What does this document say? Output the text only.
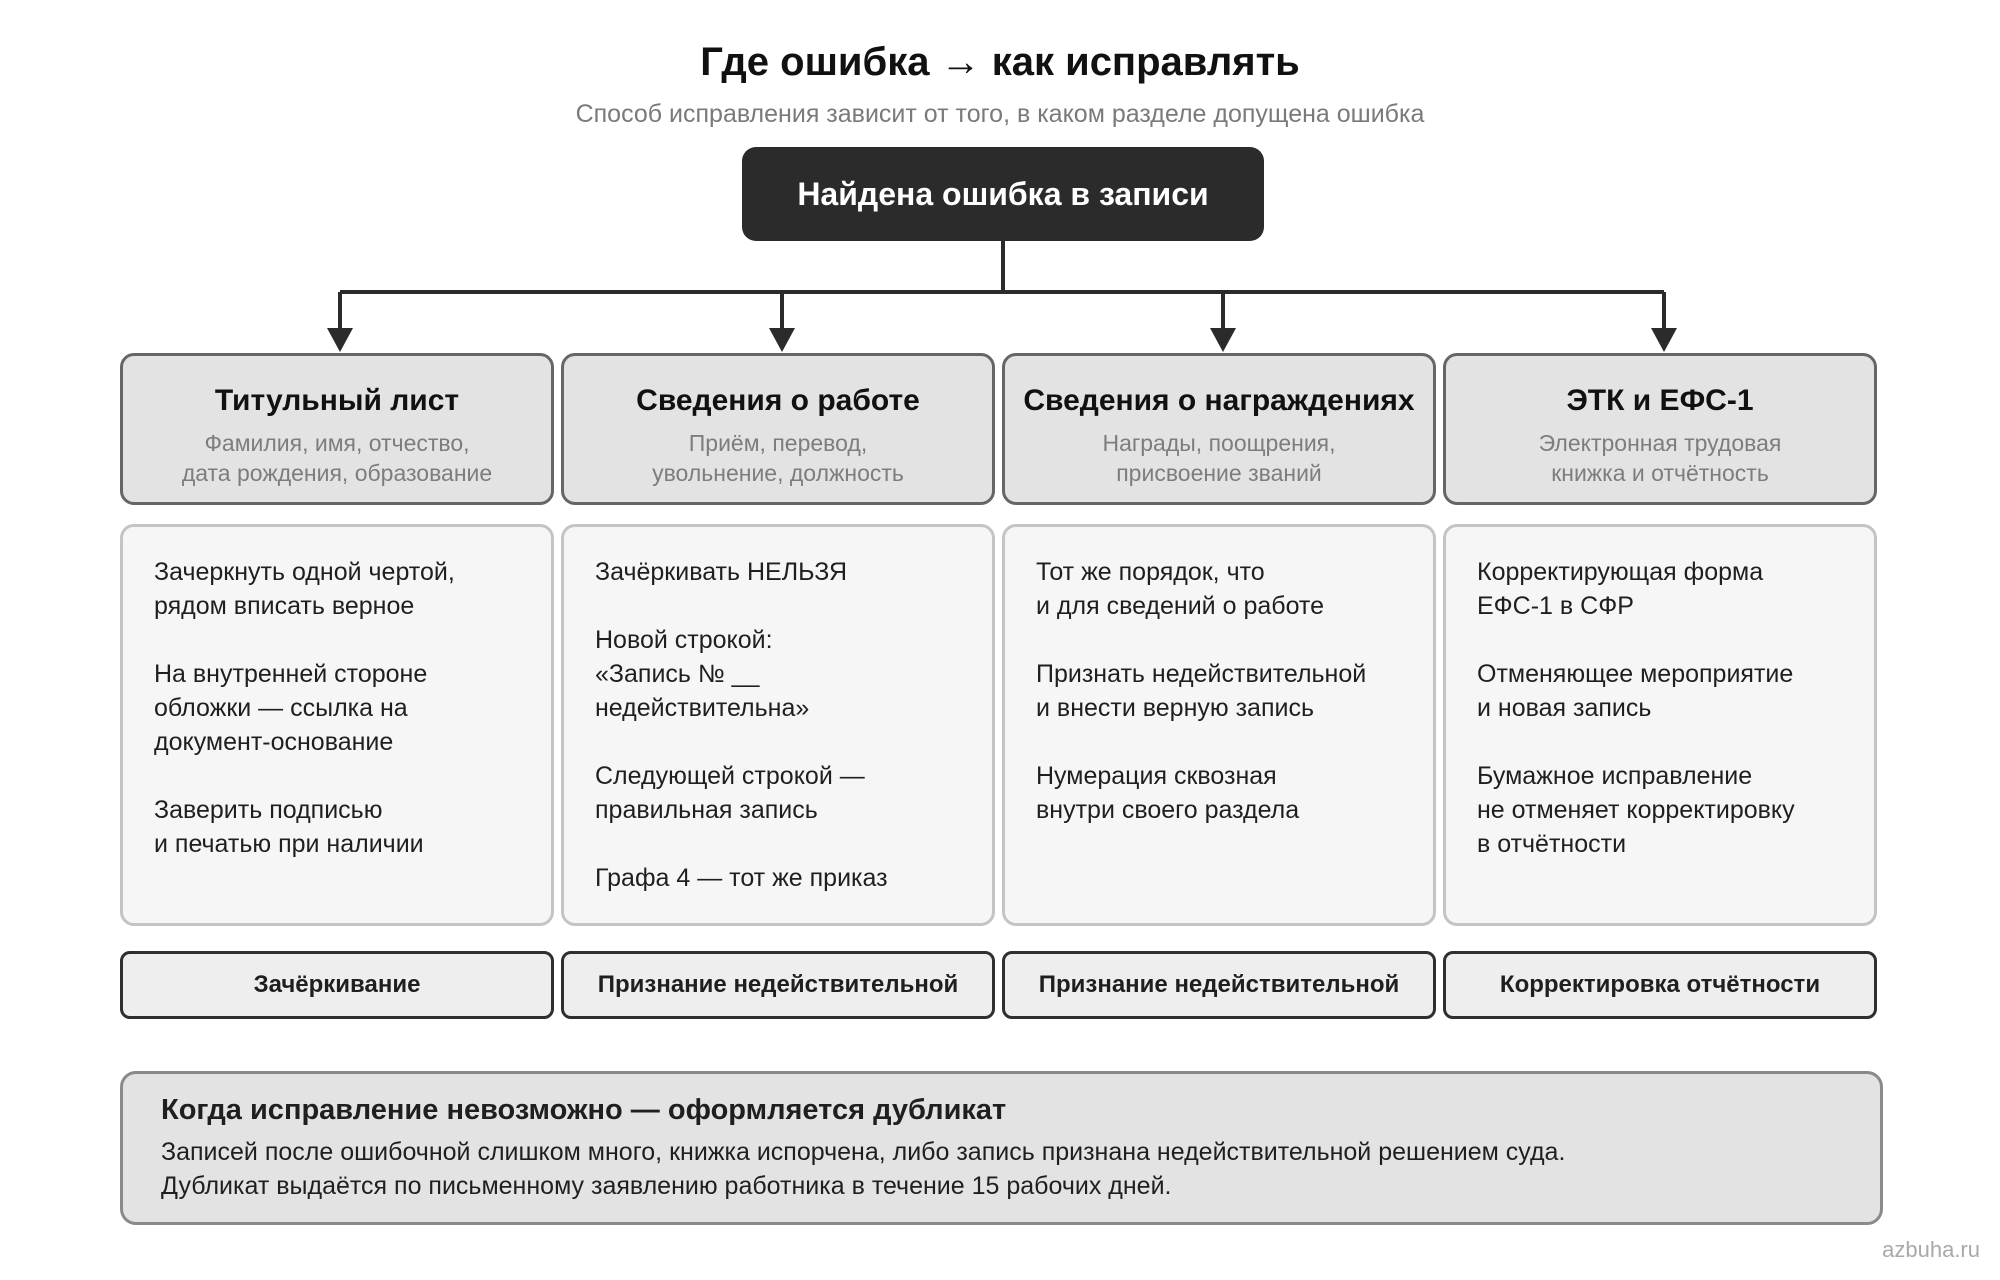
Где ошибка → как исправлять
Способ исправления зависит от того, в каком разделе допущена ошибка
Найдена ошибка в записи
Титульный лист
Фамилия, имя, отчество,
дата рождения, образование
Зачеркнуть одной чертой,
рядом вписать верное
На внутренней стороне
обложки — ссылка на
документ-основание
Заверить подписью
и печатью при наличии
Зачёркивание
Сведения о работе
Приём, перевод,
увольнение, должность
Зачёркивать НЕЛЬЗЯ
Новой строкой:
«Запись № __
недействительна»
Следующей строкой —
правильная запись
Графа 4 — тот же приказ
Признание недействительной
Сведения о награждениях
Награды, поощрения,
присвоение званий
Тот же порядок, что
и для сведений о работе
Признать недействительной
и внести верную запись
Нумерация сквозная
внутри своего раздела
Признание недействительной
ЭТК и ЕФС-1
Электронная трудовая
книжка и отчётность
Корректирующая форма
ЕФС-1 в СФР
Отменяющее мероприятие
и новая запись
Бумажное исправление
не отменяет корректировку
в отчётности
Корректировка отчётности
Когда исправление невозможно — оформляется дубликат
Записей после ошибочной слишком много, книжка испорчена, либо запись признана недействительной решением суда.
Дубликат выдаётся по письменному заявлению работника в течение 15 рабочих дней.
azbuha.ru
